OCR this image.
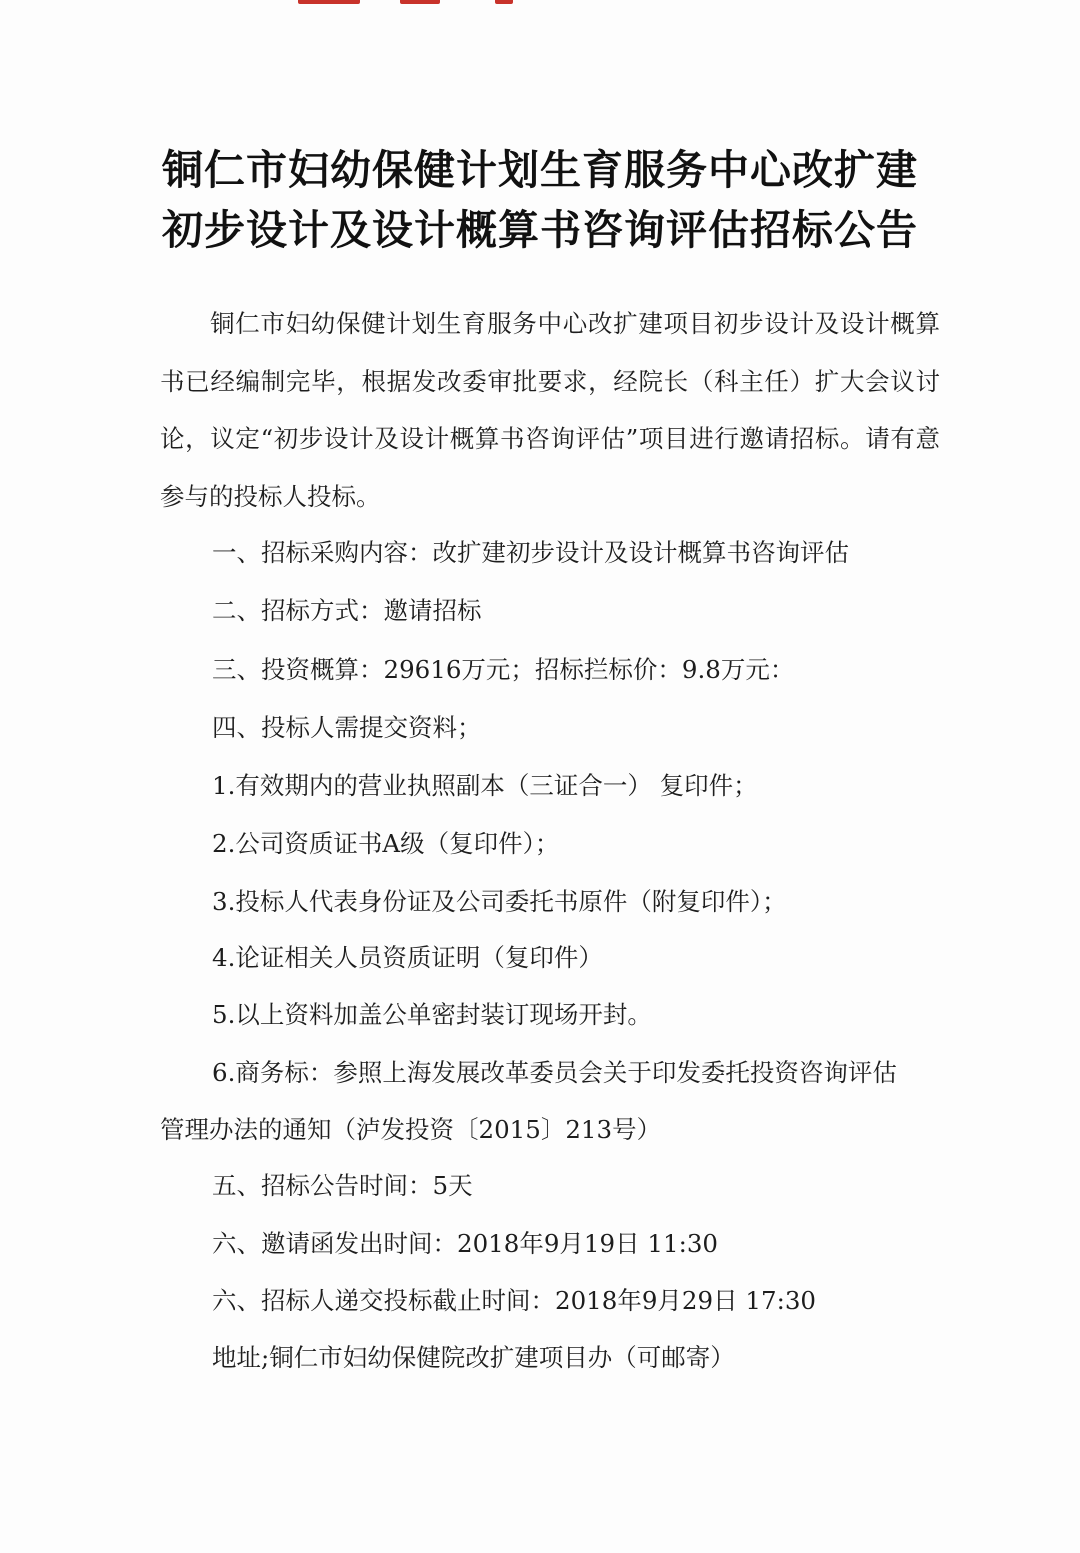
铜仁市妇幼保健计划生育服务中心改扩建
初步设计及设计概算书咨询评估招标公告
铜仁市妇幼保健计划生育服务中心改扩建项目初步设计及设计概算书已经编制完毕，根据发改委审批要求，经院长（科主任）扩大会议讨论，议定“初步设计及设计概算书咨询评估”项目进行邀请招标。请有意参与的投标人投标。
一、招标采购内容：改扩建初步设计及设计概算书咨询评估
二、招标方式：邀请招标
三、投资概算：29616万元；招标拦标价：9.8万元：
四、投标人需提交资料；
1.有效期内的营业执照副本（三证合一） 复印件；
2.公司资质证书A级（复印件）；
3.投标人代表身份证及公司委托书原件（附复印件）；
4.论证相关人员资质证明（复印件）
5.以上资料加盖公单密封装订现场开封。
6.商务标：参照上海发展改革委员会关于印发委托投资咨询评估
管理办法的通知（泸发投资〔2015〕213号）
五、招标公告时间：5天
六、邀请函发出时间：2018年9月19日 11:30
六、招标人递交投标截止时间：2018年9月29日 17:30
地址;铜仁市妇幼保健院改扩建项目办（可邮寄）
